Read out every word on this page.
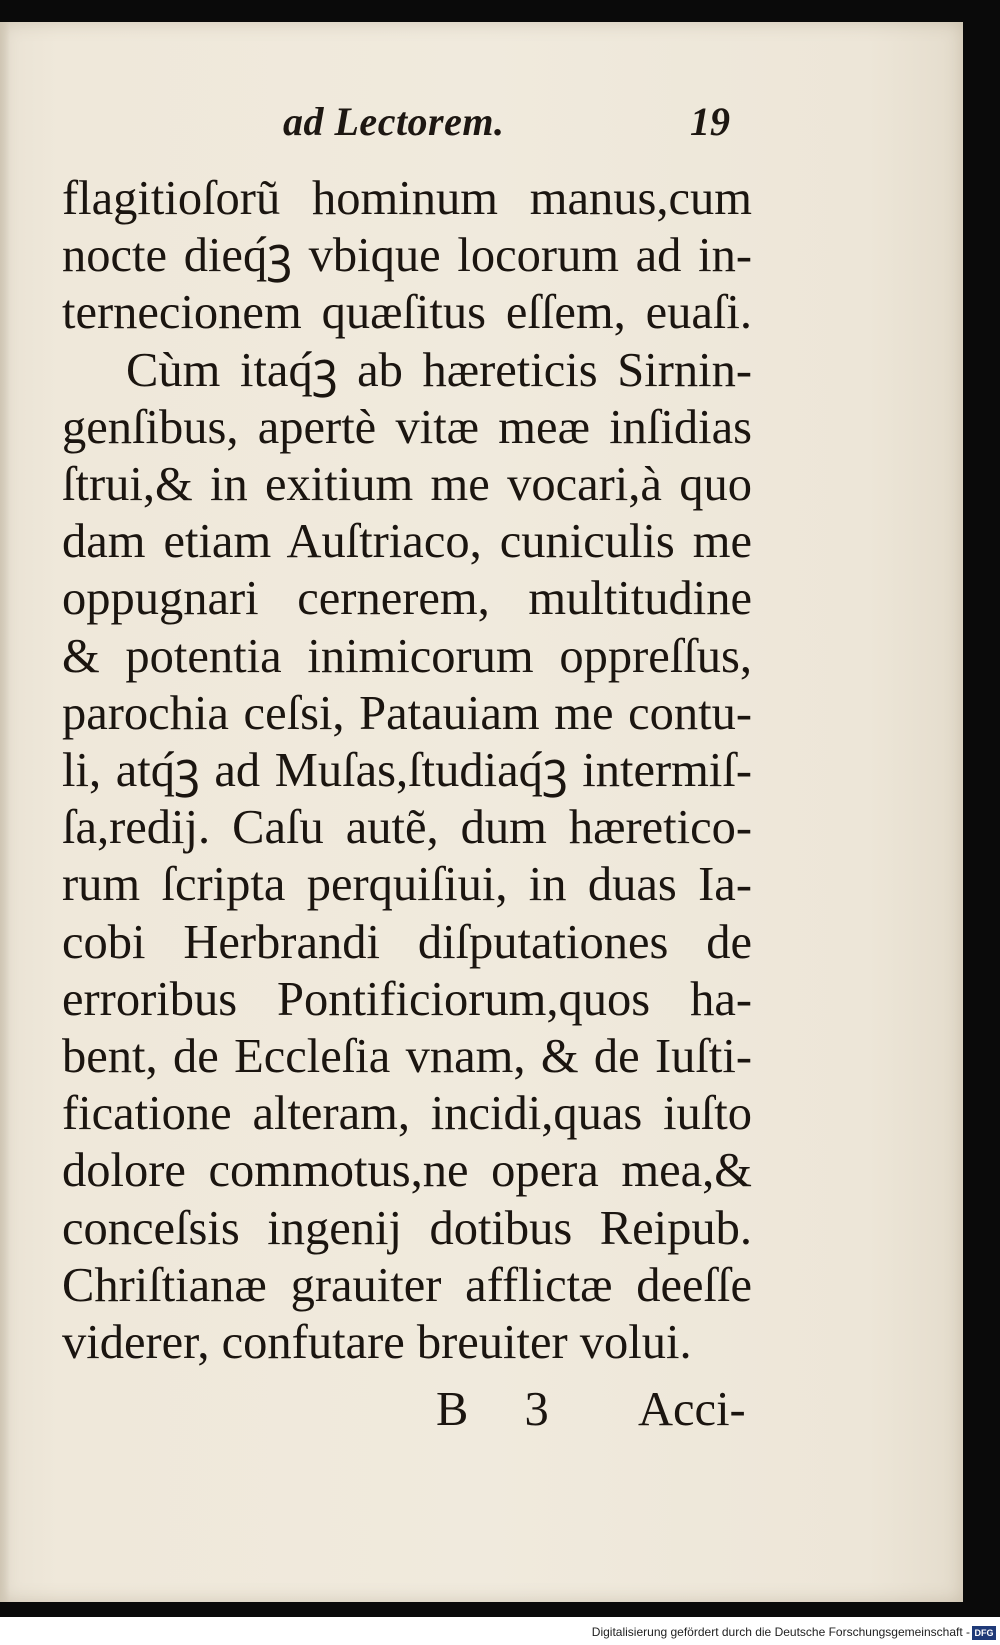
ad Lectorem.	19
flagitioſorũ hominum manus,cum
nocte dieq́ꝫ vbique locorum ad in-
ternecionem quæſitus eſſem, euaſi.
Cùm itaq́ꝫ ab hæreticis Sirnin-
genſibus, apertè vitæ meæ inſidias
ſtrui,& in exitium me vocari,à quo
dam etiam Auſtriaco, cuniculis me
oppugnari cernerem, multitudine
& potentia inimicorum oppreſſus,
parochia ceſsi, Patauiam me contu-
li, atq́ꝫ ad Muſas,ſtudiaq́ꝫ intermiſ-
ſa,redij. Caſu autẽ, dum hæretico-
rum ſcripta perquiſiui, in duas Ia-
cobi Herbrandi diſputationes de
erroribus Pontificiorum,quos ha-
bent, de Eccleſia vnam, & de Iuſti-
ficatione alteram, incidi,quas iuſto
dolore commotus,ne opera mea,&
conceſsis ingenij dotibus Reipub.
Chriſtianæ grauiter afflictæ deeſſe
viderer, confutare breuiter volui.
B 3 Acci-
Digitalisierung gefördert durch die Deutsche Forschungsgemeinschaft - DFG
